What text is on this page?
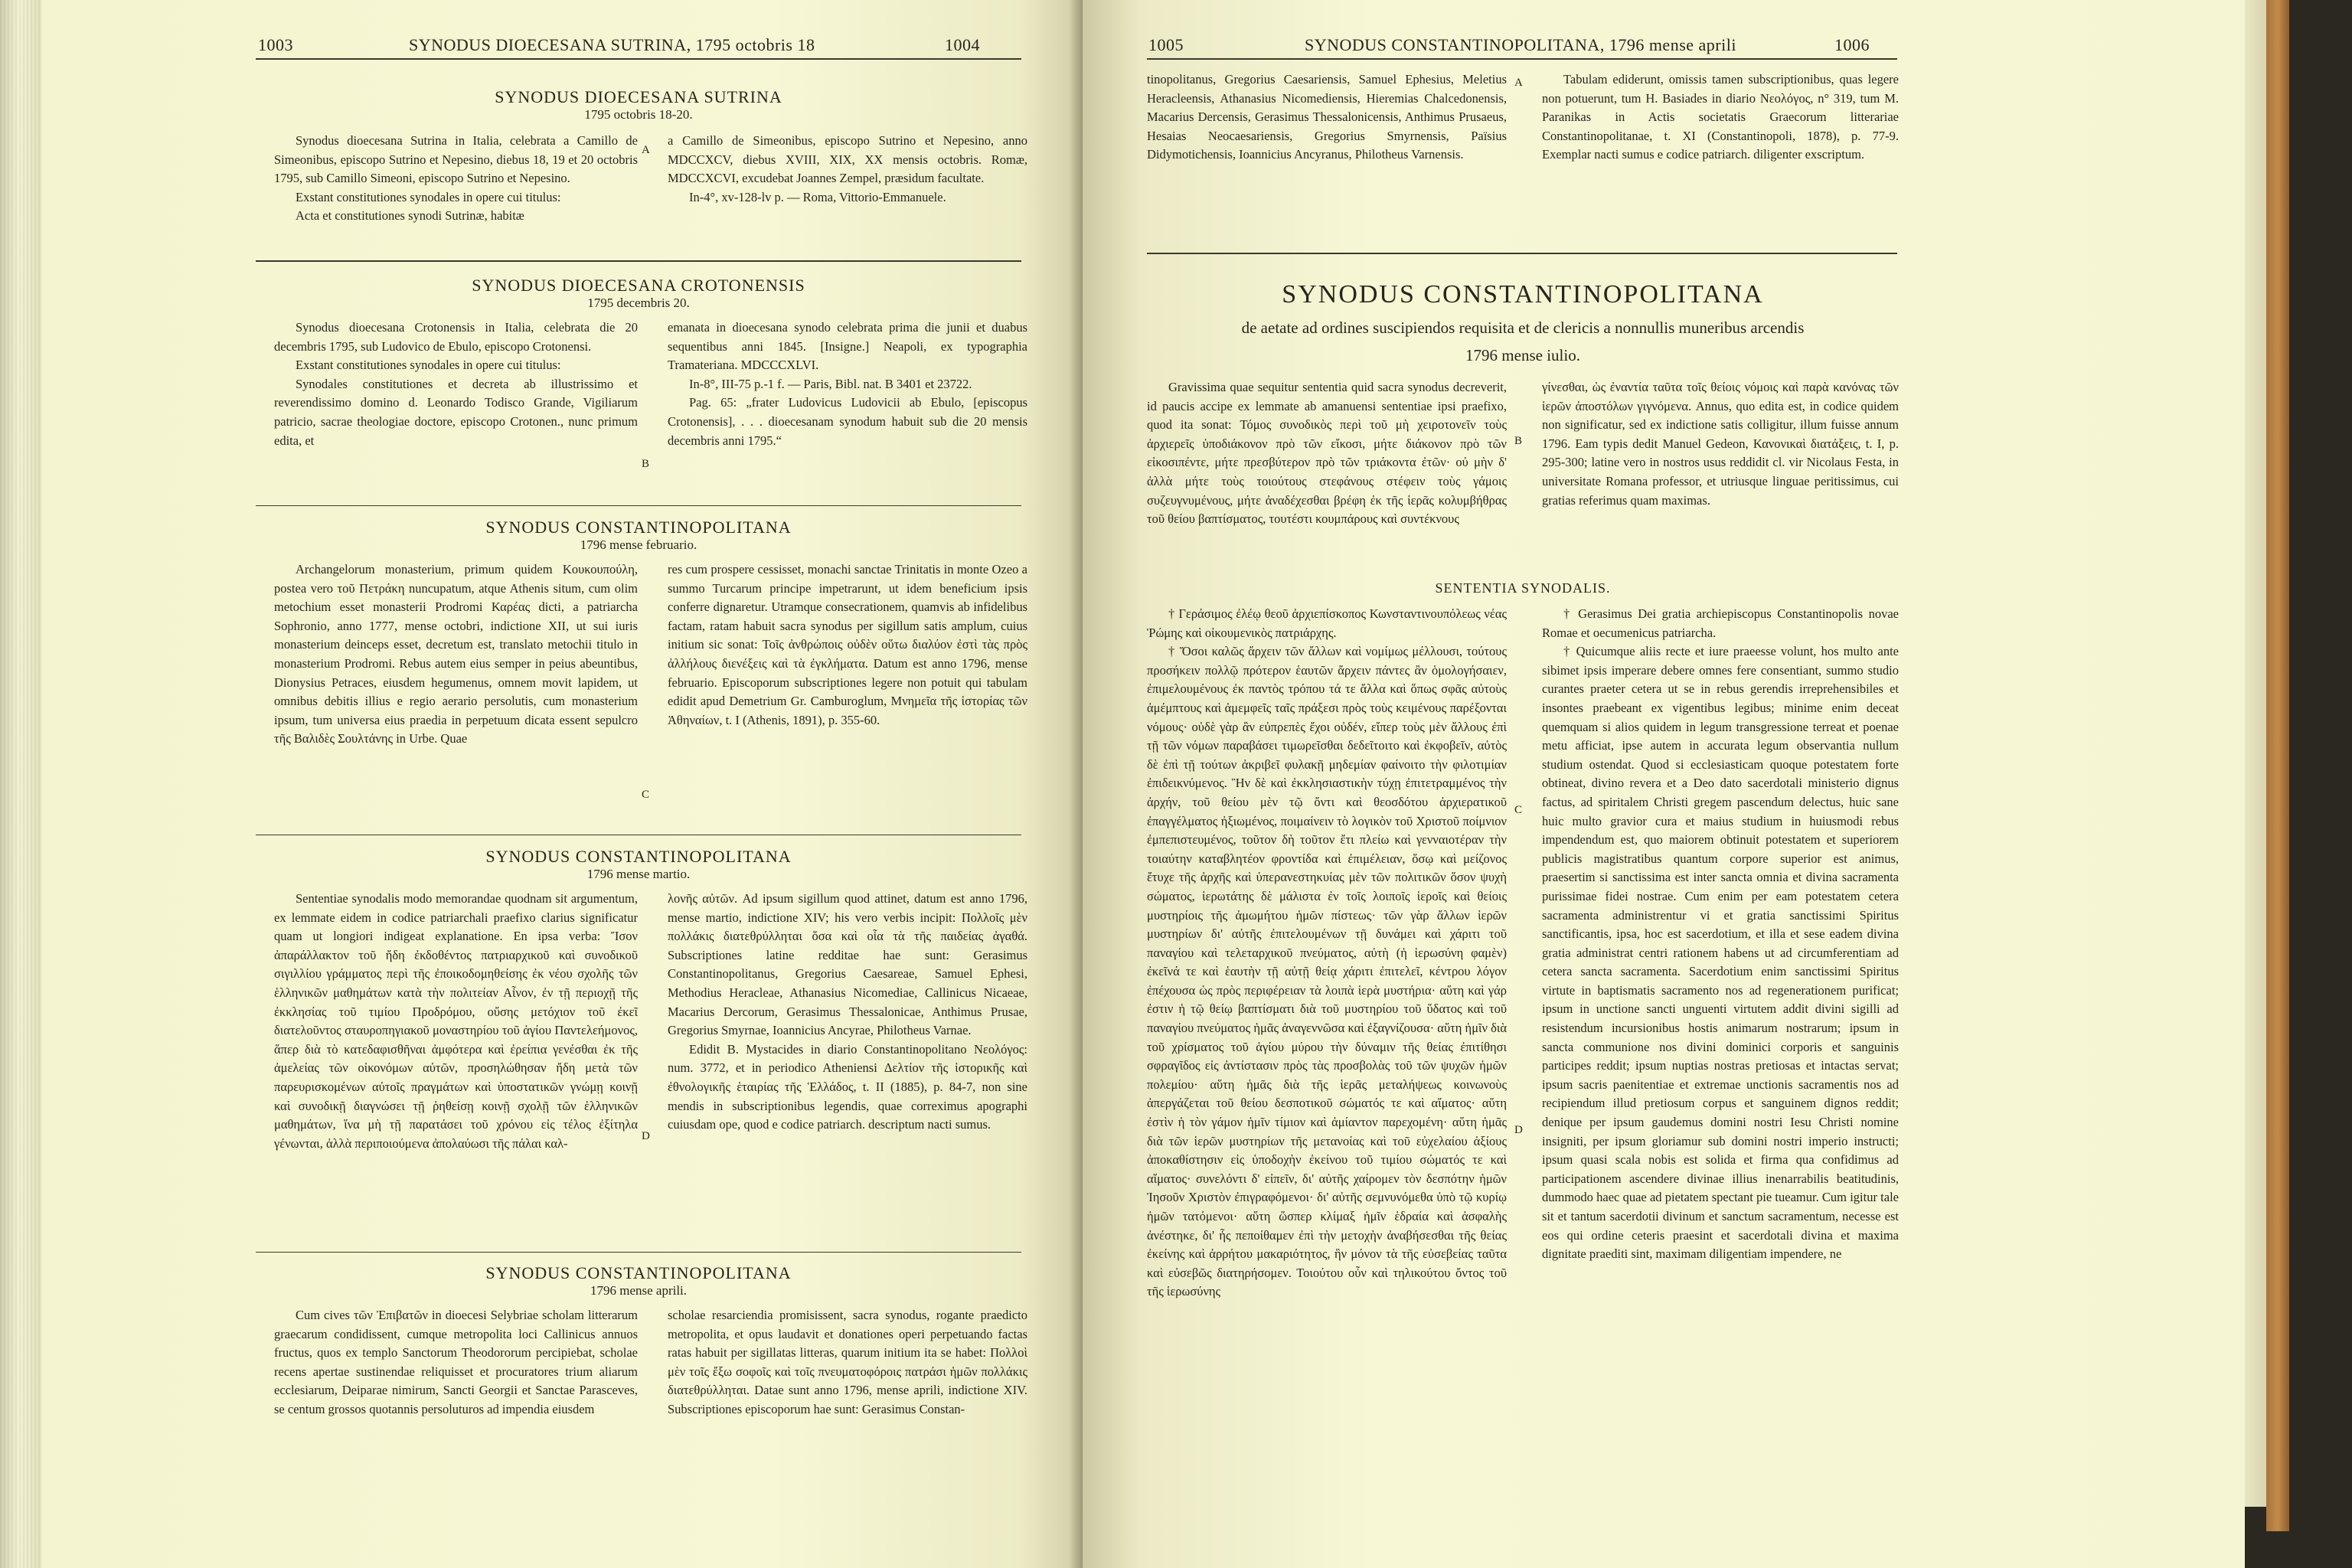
1003	SYNODUS DIOECESANA SUTRINA, 1795 octobris 18	1004
SYNODUS DIOECESANA SUTRINA
1795 octobris 18-20.

Synodus dioecesana Sutrina in Italia, celebrata a Camillo de Simeonibus, episcopo Sutrino et Nepesino, diebus 18, 19 et 20 octobris 1795, sub Camillo Simeoni, episcopo Sutrino et Nepesino.

Exstant constitutiones synodales in opere cui titulus:

Acta et constitutiones synodi Sutrinæ, habitæ

a Camillo de Simeonibus, episcopo Sutrino et Nepesino, anno MDCCXCV, diebus XVIII, XIX, XX mensis octobris. Romæ, MDCCXCVI, excudebat Joannes Zempel, præsidum facultate.

In-4°, xv-128-lv p. — Roma, Vittorio-Emmanuele.

SYNODUS DIOECESANA CROTONENSIS
1795 decembris 20.

Synodus dioecesana Crotonensis in Italia, celebrata die 20 decembris 1795, sub Ludovico de Ebulo, episcopo Crotonensi.

Exstant constitutiones synodales in opere cui titulus:

Synodales constitutiones et decreta ab illustrissimo et reverendissimo domino d. Leonardo Todisco Grande, Vigiliarum patricio, sacrae theologiae doctore, episcopo Crotonen., nunc primum edita, et

emanata in dioecesana synodo celebrata prima die junii et duabus sequentibus anni 1845. [Insigne.] Neapoli, ex typographia Tramateriana. MDCCCXLVI.

In-8°, III-75 p.-1 f. — Paris, Bibl. nat. B 3401 et 23722.

Pag. 65: „frater Ludovicus Ludovicii ab Ebulo, [episcopus Crotonensis], . . . dioecesanam synodum habuit sub die 20 mensis decembris anni 1795.“

B
SYNODUS CONSTANTINOPOLITANA
1796 mense februario.

Archangelorum monasterium, primum quidem Κουκουπούλη, postea vero τοῦ Πετράκη nuncupatum, atque Athenis situm, cum olim metochium esset monasterii Prodromi Καρέας dicti, a patriarcha Sophronio, anno 1777, mense octobri, indictione XII, ut sui iuris monasterium deinceps esset, decretum est, translato metochii titulo in monasterium Prodromi. Rebus autem eius semper in peius abeuntibus, Dionysius Petraces, eiusdem hegumenus, omnem movit lapidem, ut omnibus debitis illius e regio aerario persolutis, cum monasterium ipsum, tum universa eius praedia in perpetuum dicata essent sepulcro τῆς Βαλιδὲς Σουλτάνης in Urbe. Quae

res cum prospere cessisset, monachi sanctae Trinitatis in monte Ozeo a summo Turcarum principe impetrarunt, ut idem beneficium ipsis conferre dignaretur. Utramque consecrationem, quamvis ab infidelibus factam, ratam habuit sacra synodus per sigillum satis amplum, cuius initium sic sonat: Τοῖς ἀνθρώποις οὐδὲν οὕτω διαλύον ἐστὶ τὰς πρὸς ἀλλήλους διενέξεις καὶ τὰ ἐγκλήματα. Datum est anno 1796, mense februario. Episcoporum subscriptiones legere non potuit qui tabulam edidit apud Demetrium Gr. Camburoglum, Μνημεῖα τῆς ἱστορίας τῶν Ἀθηναίων, t. I (Athenis, 1891), p. 355-60.

C
SYNODUS CONSTANTINOPOLITANA
1796 mense martio.

Sententiae synodalis modo memorandae quodnam sit argumentum, ex lemmate eidem in codice patriarchali praefixo clarius significatur quam ut longiori indigeat explanatione. En ipsa verba: Ἴσον ἀπαράλλακτον τοῦ ἤδη ἐκδοθέντος πατριαρχικοῦ καὶ συνοδικοῦ σιγιλλίου γράμματος περὶ τῆς ἐποικοδομηθείσης ἐκ νέου σχολῆς τῶν ἑλληνικῶν μαθημάτων κατὰ τὴν πολιτείαν Αἶνον, ἐν τῇ περιοχῇ τῆς ἐκκλησίας τοῦ τιμίου Προδρόμου, οὔσης μετόχιον τοῦ ἐκεῖ διατελοῦντος σταυροπηγιακοῦ μοναστηρίου τοῦ ἁγίου Παντελεήμονος, ἅπερ διὰ τὸ κατεδαφισθῆναι ἀμφότερα καὶ ἐρείπια γενέσθαι ἐκ τῆς ἀμελείας τῶν οἰκονόμων αὐτῶν, προσηλώθησαν ἤδη μετὰ τῶν παρευρισκομένων αὐτοῖς πραγμάτων καὶ ὑποστατικῶν γνώμῃ κοινῇ καὶ συνοδικῇ διαγνώσει τῇ ῥηθείσῃ κοινῇ σχολῇ τῶν ἑλληνικῶν μαθημάτων, ἵνα μὴ τῇ παρατάσει τοῦ χρόνου εἰς τέλος ἐξίτηλα γένωνται, ἀλλὰ περιποιούμενα ἀπολαύωσι τῆς πάλαι καλ-

λονῆς αὐτῶν. Ad ipsum sigillum quod attinet, datum est anno 1796, mense martio, indictione XIV; his vero verbis incipit: Πολλοῖς μὲν πολλάκις διατεθρύλληται ὅσα καὶ οἷα τὰ τῆς παιδείας ἀγαθά. Subscriptiones latine redditae hae sunt: Gerasimus Constantinopolitanus, Gregorius Caesareae, Samuel Ephesi, Methodius Heracleae, Athanasius Nicomediae, Callinicus Nicaeae, Macarius Dercorum, Gerasimus Thessalonicae, Anthimus Prusae, Gregorius Smyrnae, Ioannicius Ancyrae, Philotheus Varnae.

Edidit B. Mystacides in diario Constantinopolitano Νεολόγος: num. 3772, et in periodico Atheniensi Δελτίον τῆς ἱστορικῆς καὶ ἐθνολογικῆς ἑταιρίας τῆς Ἑλλάδος, t. II (1885), p. 84-7, non sine mendis in subscriptionibus legendis, quae correximus apographi cuiusdam ope, quod e codice patriarch. descriptum nacti sumus.

D
SYNODUS CONSTANTINOPOLITANA
1796 mense aprili.

Cum cives τῶν Ἐπιβατῶν in dioecesi Selybriae scholam litterarum graecarum condidissent, cumque metropolita loci Callinicus annuos fructus, quos ex templo Sanctorum Theodororum percipiebat, scholae recens apertae sustinendae reliquisset et procuratores trium aliarum ecclesiarum, Deiparae nimirum, Sancti Georgii et Sanctae Parasceves, se centum grossos quotannis persoluturos ad impendia eiusdem

scholae resarciendia promisissent, sacra synodus, rogante praedicto metropolita, et opus laudavit et donationes operi perpetuando factas ratas habuit per sigillatas litteras, quarum initium ita se habet: Πολλοὶ μὲν τοῖς ἔξω σοφοῖς καὶ τοῖς πνευματοφόροις πατράσι ἡμῶν πολλάκις διατεθρύλληται. Datae sunt anno 1796, mense aprili, indictione XIV. Subscriptiones episcoporum hae sunt: Gerasimus Constan-

A
1005	SYNODUS CONSTANTINOPOLITANA, 1796 mense aprili	1006

tinopolitanus, Gregorius Caesariensis, Samuel Ephesius, Meletius Heracleensis, Athanasius Nicomediensis, Hieremias Chalcedonensis, Macarius Dercensis, Gerasimus Thessalonicensis, Anthimus Prusaeus, Hesaias Neocaesariensis, Gregorius Smyrnensis, Païsius Didymotichensis, Ioannicius Ancyranus, Philotheus Varnensis.

Tabulam ediderunt, omissis tamen subscriptionibus, quas legere non potuerunt, tum H. Basiades in diario Νεολόγος, n° 319, tum M. Paranikas in Actis societatis Graecorum litterariae Constantinopolitanae, t. XI (Constantinopoli, 1878), p. 77-9. Exemplar nacti sumus e codice patriarch. diligenter exscriptum.

A
SYNODUS CONSTANTINOPOLITANA
de aetate ad ordines suscipiendos requisita et de clericis a nonnullis muneribus arcendis
1796 mense iulio.

Gravissima quae sequitur sententia quid sacra synodus decreverit, id paucis accipe ex lemmate ab amanuensi sententiae ipsi praefixo, quod ita sonat: Τόμος συνοδικὸς περὶ τοῦ μὴ χειροτονεῖν τοὺς ἀρχιερεῖς ὑποδιάκονον πρὸ τῶν εἴκοσι, μήτε διάκονον πρὸ τῶν εἰκοσιπέντε, μήτε πρεσβύτερον πρὸ τῶν τριάκοντα ἐτῶν· οὐ μὴν δ' ἀλλὰ μήτε τοὺς τοιούτους στεφάνους στέφειν τοὺς γάμοις συζευγνυμένους, μήτε ἀναδέχεσθαι βρέφη ἐκ τῆς ἱερᾶς κολυμβήθρας τοῦ θείου βαπτίσματος, τουτέστι κουμπάρους καὶ συντέκνους

γίνεσθαι, ὡς ἐναντία ταῦτα τοῖς θείοις νόμοις καὶ παρὰ κανόνας τῶν ἱερῶν ἀποστόλων γιγνόμενα. Annus, quo edita est, in codice quidem non significatur, sed ex indictione satis colligitur, illum fuisse annum 1796. Eam typis dedit Manuel Gedeon, Κανονικαὶ διατάξεις, t. I, p. 295-300; latine vero in nostros usus reddidit cl. vir Nicolaus Festa, in universitate Romana professor, et utriusque linguae peritissimus, cui gratias referimus quam maximas.

B
SENTENTIA SYNODALIS.

† Γεράσιμος ἐλέῳ θεοῦ ἀρχιεπίσκοπος Κωνσταντινουπόλεως νέας Ῥώμης καὶ οἰκουμενικὸς πατριάρχης.

† Ὅσοι καλῶς ἄρχειν τῶν ἄλλων καὶ νομίμως μέλλουσι, τούτους προσήκειν πολλῷ πρότερον ἑαυτῶν ἄρχειν πάντες ἂν ὁμολογήσαιεν, ἐπιμελουμένους ἐκ παντὸς τρόπου τά τε ἄλλα καὶ ὅπως σφᾶς αὐτοὺς ἀμέμπτους καὶ ἀμεμφεῖς ταῖς πράξεσι πρὸς τοὺς κειμένους παρέξονται νόμους· οὐδὲ γὰρ ἂν εὐπρεπὲς ἔχοι οὐδέν, εἴπερ τοὺς μὲν ἄλλους ἐπὶ τῇ τῶν νόμων παραβάσει τιμωρεῖσθαι δεδεῖτοιτο καὶ ἐκφοβεῖν, αὐτὸς δὲ ἐπὶ τῇ τούτων ἀκριβεῖ φυλακῇ μηδεμίαν φαίνοιτο τὴν φιλοτιμίαν ἐπιδεικνύμενος. Ἣν δὲ καὶ ἐκκλησιαστικὴν τύχῃ ἐπιτετραμμένος τὴν ἀρχήν, τοῦ θείου μὲν τῷ ὄντι καὶ θεοσδότου ἀρχιερατικοῦ ἐπαγγέλματος ἠξιωμένος, ποιμαίνειν τὸ λογικὸν τοῦ Χριστοῦ ποίμνιον ἐμπεπιστευμένος, τοῦτον δὴ τοῦτον ἔτι πλείω καὶ γενναιοτέραν τὴν τοιαύτην καταβλητέον φροντίδα καὶ ἐπιμέλειαν, ὅσῳ καὶ μείζονος ἔτυχε τῆς ἀρχῆς καὶ ὑπερανεστηκυίας μὲν τῶν πολιτικῶν ὅσον ψυχὴ σώματος, ἱερωτάτης δὲ μάλιστα ἐν τοῖς λοιποῖς ἱεροῖς καὶ θείοις μυστηρίοις τῆς ἀμωμήτου ἡμῶν πίστεως· τῶν γὰρ ἄλλων ἱερῶν μυστηρίων δι' αὐτῆς ἐπιτελουμένων τῇ δυνάμει καὶ χάριτι τοῦ παναγίου καὶ τελεταρχικοῦ πνεύματος, αὐτὴ (ἡ ἱερωσύνη φαμὲν) ἐκεῖνά τε καὶ ἑαυτὴν τῇ αὐτῇ θείᾳ χάριτι ἐπιτελεῖ, κέντρου λόγον ἐπέχουσα ὡς πρὸς περιφέρειαν τὰ λοιπὰ ἱερὰ μυστήρια· αὕτη καὶ γάρ ἐστιν ἡ τῷ θείῳ βαπτίσματι διὰ τοῦ μυστηρίου τοῦ ὕδατος καὶ τοῦ παναγίου πνεύματος ἡμᾶς ἀναγεννῶσα καὶ ἐξαγνίζουσα· αὕτη ἡμῖν διὰ τοῦ χρίσματος τοῦ ἁγίου μύρου τὴν δύναμιν τῆς θείας ἐπιτίθησι σφραγῖδος εἰς ἀντίστασιν πρὸς τὰς προσβολὰς τοῦ τῶν ψυχῶν ἡμῶν πολεμίου· αὕτη ἡμᾶς διὰ τῆς ἱερᾶς μεταλήψεως κοινωνοὺς ἀπεργάζεται τοῦ θείου δεσποτικοῦ σώματός τε καὶ αἵματος· αὕτη ἐστὶν ἡ τὸν γάμον ἡμῖν τίμιον καὶ ἀμίαντον παρεχομένη· αὕτη ἡμᾶς διὰ τῶν ἱερῶν μυστηρίων τῆς μετανοίας καὶ τοῦ εὐχελαίου ἀξίους ἀποκαθίστησιν εἰς ὑποδοχὴν ἐκείνου τοῦ τιμίου σώματός τε καὶ αἵματος· συνελόντι δ' εἰπεῖν, δι' αὐτῆς χαίρομεν τὸν δεσπότην ἡμῶν Ἰησοῦν Χριστὸν ἐπιγραφόμενοι· δι' αὐτῆς σεμνυνόμεθα ὑπὸ τῷ κυρίῳ ἡμῶν τατόμενοι· αὕτη ὥσπερ κλίμαξ ἡμῖν ἑδραία καὶ ἀσφαλὴς ἀνέστηκε, δι' ἧς πεποίθαμεν ἐπὶ τὴν μετοχὴν ἀναβήσεσθαι τῆς θείας ἐκείνης καὶ ἀρρήτου μακαριότητος, ἣν μόνον τὰ τῆς εὐσεβείας ταῦτα καὶ εὐσεβῶς διατηρήσομεν. Τοιούτου οὖν καὶ τηλικούτου ὄντος τοῦ τῆς ἱερωσύνης

† Gerasimus Dei gratia archiepiscopus Constantinopolis novae Romae et oecumenicus patriarcha.

† Quicumque aliis recte et iure praeesse volunt, hos multo ante sibimet ipsis imperare debere omnes fere consentiant, summo studio curantes praeter cetera ut se in rebus gerendis irreprehensibiles et insontes praebeant ex vigentibus legibus; minime enim deceat quemquam si alios quidem in legum transgressione terreat et poenae metu afficiat, ipse autem in accurata legum observantia nullum studium ostendat. Quod si ecclesiasticam quoque potestatem forte obtineat, divino revera et a Deo dato sacerdotali ministerio dignus factus, ad spiritalem Christi gregem pascendum delectus, huic sane huic multo gravior cura et maius studium in huiusmodi rebus impendendum est, quo maiorem obtinuit potestatem et superiorem publicis magistratibus quantum corpore superior est animus, praesertim si sanctissima est inter sancta omnia et divina sacramenta purissimae fidei nostrae. Cum enim per eam potestatem cetera sacramenta administrentur vi et gratia sanctissimi Spiritus sanctificantis, ipsa, hoc est sacerdotium, et illa et sese eadem divina gratia administrat centri rationem habens ut ad circumferentiam ad cetera sancta sacramenta. Sacerdotium enim sanctissimi Spiritus virtute in baptismatis sacramento nos ad regenerationem purificat; ipsum in unctione sancti unguenti virtutem addit divini sigilli ad resistendum incursionibus hostis animarum nostrarum; ipsum in sancta communione nos divini dominici corporis et sanguinis participes reddit; ipsum nuptias nostras pretiosas et intactas servat; ipsum sacris paenitentiae et extremae unctionis sacramentis nos ad recipiendum illud pretiosum corpus et sanguinem dignos reddit; denique per ipsum gaudemus domini nostri Iesu Christi nomine insigniti, per ipsum gloriamur sub domini nostri imperio instructi; ipsum quasi scala nobis est solida et firma qua confidimus ad participationem ascendere divinae illius inenarrabilis beatitudinis, dummodo haec quae ad pietatem spectant pie tueamur. Cum igitur tale sit et tantum sacerdotii divinum et sanctum sacramentum, necesse est eos qui ordine ceteris praesint et sacerdotali divina et maxima dignitate praediti sint, maximam diligentiam impendere, ne

C
D
